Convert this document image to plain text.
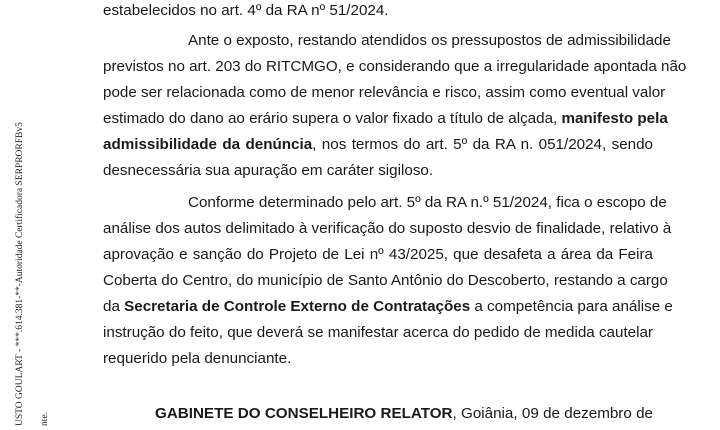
USTO GOULART - ***.614.381-**-Autoridade Certificadora SERPRORFBv5 nte.

estabelecidos no art. 4º da RA nº 51/2024.

Ante o exposto, restando atendidos os pressupostos de admissibilidade

previstos no art. 203 do RITCMGO, e considerando que a irregularidade apontada não

pode ser relacionada como de menor relevância e risco, assim como eventual valor

estimado do dano ao erário supera o valor fixado a título de alçada, manifesto pela

admissibilidade da denúncia, nos termos do art. 5º da RA n. 051/2024, sendo

desnecessária sua apuração em caráter sigiloso.

Conforme determinado pelo art. 5º da RA n.º 51/2024, fica o escopo de

análise dos autos delimitado à verificação do suposto desvio de finalidade, relativo à

aprovação e sanção do Projeto de Lei nº 43/2025, que desafeta a área da Feira

Coberta do Centro, do município de Santo Antônio do Descoberto, restando a cargo

da Secretaria de Controle Externo de Contratações a competência para análise e

instrução do feito, que deverá se manifestar acerca do pedido de medida cautelar

requerido pela denunciante.

GABINETE DO CONSELHEIRO RELATOR, Goiânia, 09 de dezembro de
